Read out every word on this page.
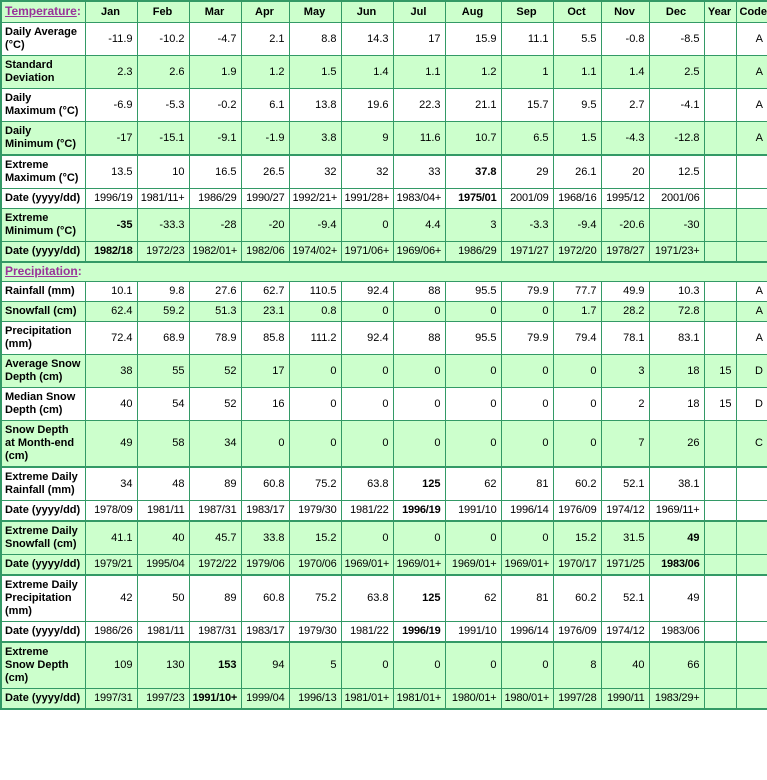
Temperature:	Jan	Feb	Mar	Apr	May	Jun	Jul	Aug	Sep	Oct	Nov	Dec	Year	Code
Daily Average (°C)	-11.9	-10.2	-4.7	2.1	8.8	14.3	17	15.9	11.1	5.5	-0.8	-8.5		A
Standard Deviation	2.3	2.6	1.9	1.2	1.5	1.4	1.1	1.2	1	1.1	1.4	2.5		A
Daily Maximum (°C)	-6.9	-5.3	-0.2	6.1	13.8	19.6	22.3	21.1	15.7	9.5	2.7	-4.1		A
Daily Minimum (°C)	-17	-15.1	-9.1	-1.9	3.8	9	11.6	10.7	6.5	1.5	-4.3	-12.8		A
Extreme Maximum (°C)	13.5	10	16.5	26.5	32	32	33	37.8	29	26.1	20	12.5		
Date (yyyy/dd)	1996/19	1981/11+	1986/29	1990/27	1992/21+	1991/28+	1983/04+	1975/01	2001/09	1968/16	1995/12	2001/06		
Extreme Minimum (°C)	-35	-33.3	-28	-20	-9.4	0	4.4	3	-3.3	-9.4	-20.6	-30		
Date (yyyy/dd)	1982/18	1972/23	1982/01+	1982/06	1974/02+	1971/06+	1969/06+	1986/29	1971/27	1972/20	1978/27	1971/23+		
Precipitation:														
Rainfall (mm)	10.1	9.8	27.6	62.7	110.5	92.4	88	95.5	79.9	77.7	49.9	10.3		A
Snowfall (cm)	62.4	59.2	51.3	23.1	0.8	0	0	0	0	1.7	28.2	72.8		A
Precipitation (mm)	72.4	68.9	78.9	85.8	111.2	92.4	88	95.5	79.9	79.4	78.1	83.1		A
Average Snow Depth (cm)	38	55	52	17	0	0	0	0	0	0	3	18	15	D
Median Snow Depth (cm)	40	54	52	16	0	0	0	0	0	0	2	18	15	D
Snow Depth at Month-end (cm)	49	58	34	0	0	0	0	0	0	0	7	26		C
Extreme Daily Rainfall (mm)	34	48	89	60.8	75.2	63.8	125	62	81	60.2	52.1	38.1		
Date (yyyy/dd)	1978/09	1981/11	1987/31	1983/17	1979/30	1981/22	1996/19	1991/10	1996/14	1976/09	1974/12	1969/11+		
Extreme Daily Snowfall (cm)	41.1	40	45.7	33.8	15.2	0	0	0	0	15.2	31.5	49		
Date (yyyy/dd)	1979/21	1995/04	1972/22	1979/06	1970/06	1969/01+	1969/01+	1969/01+	1969/01+	1970/17	1971/25	1983/06		
Extreme Daily Precipitation (mm)	42	50	89	60.8	75.2	63.8	125	62	81	60.2	52.1	49		
Date (yyyy/dd)	1986/26	1981/11	1987/31	1983/17	1979/30	1981/22	1996/19	1991/10	1996/14	1976/09	1974/12	1983/06		
Extreme Snow Depth (cm)	109	130	153	94	5	0	0	0	0	8	40	66		
Date (yyyy/dd)	1997/31	1997/23	1991/10+	1999/04	1996/13	1981/01+	1981/01+	1980/01+	1980/01+	1997/28	1990/11	1983/29+		
